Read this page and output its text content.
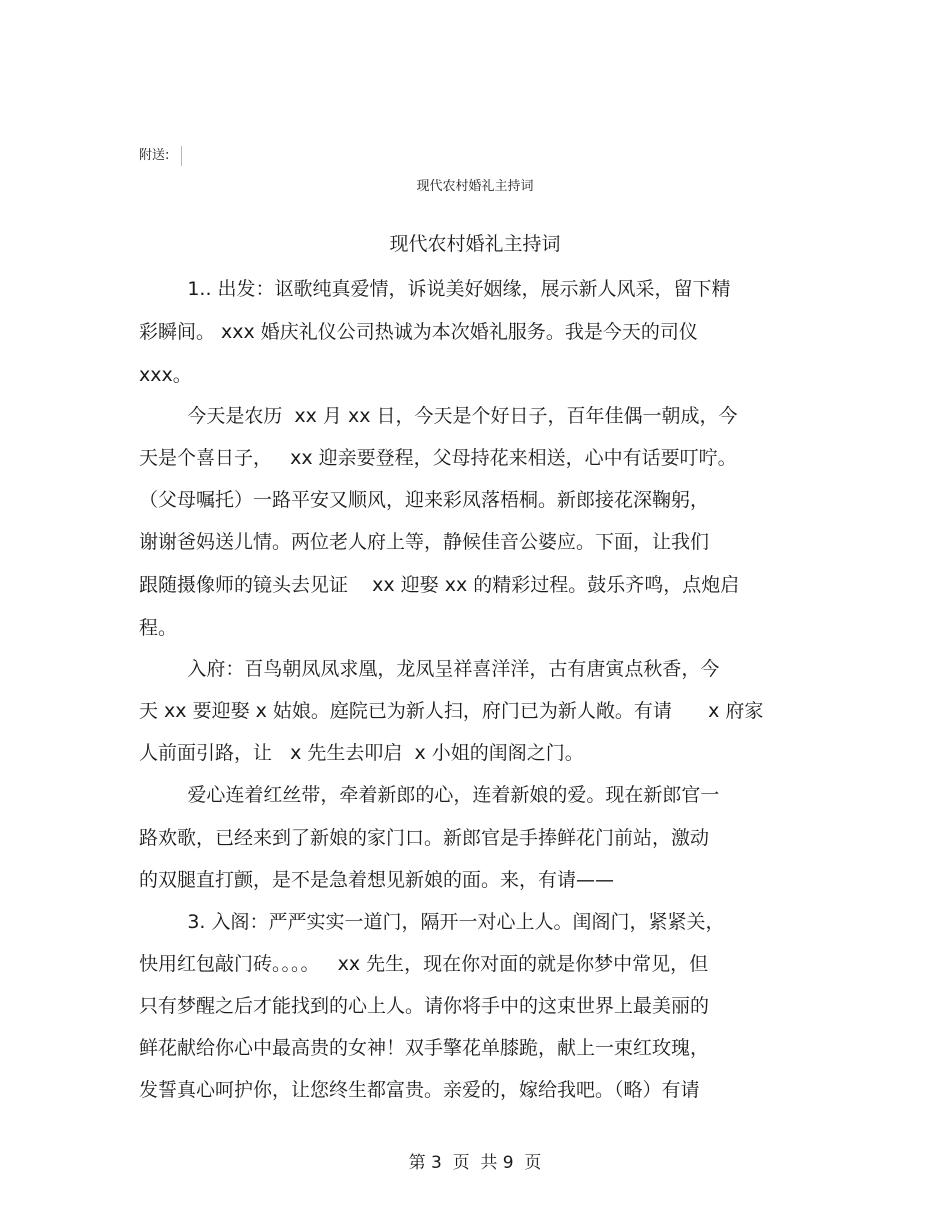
附送:
现代农村婚礼主持词
现代农村婚礼主持词
1.. 出发：讴歌纯真爱情，诉说美好姻缘，展示新人风采，留下精
彩瞬间。 xxx 婚庆礼仪公司热诚为本次婚礼服务。我是今天的司仪
xxx。
今天是农历  xx 月 xx 日，今天是个好日子，百年佳偶一朝成，今
天是个喜日子，   xx 迎亲要登程，父母持花来相送，心中有话要叮咛。
（父母嘱托）一路平安又顺风，迎来彩凤落梧桐。新郎接花深鞠躬，
谢谢爸妈送儿情。两位老人府上等，静候佳音公婆应。下面，让我们
跟随摄像师的镜头去见证    xx 迎娶 xx 的精彩过程。鼓乐齐鸣，点炮启
程。
入府：百鸟朝凤凤求凰，龙凤呈祥喜洋洋，古有唐寅点秋香，今
天 xx 要迎娶 x 姑娘。庭院已为新人扫，府门已为新人敞。有请      x 府家
人前面引路，让   x 先生去叩启  x 小姐的闺阁之门。
爱心连着红丝带，牵着新郎的心，连着新娘的爱。现在新郎官一
路欢歌，已经来到了新娘的家门口。新郎官是手捧鲜花门前站，激动
的双腿直打颤，是不是急着想见新娘的面。来，有请——
3. 入阁：严严实实一道门，隔开一对心上人。闺阁门，紧紧关，
快用红包敲门砖。。。。   xx 先生，现在你对面的就是你梦中常见，但
只有梦醒之后才能找到的心上人。请你将手中的这束世界上最美丽的
鲜花献给你心中最高贵的女神！双手擎花单膝跪，献上一束红玫瑰，
发誓真心呵护你，让您终生都富贵。亲爱的，嫁给我吧。（略）有请
第 3  页  共 9  页
